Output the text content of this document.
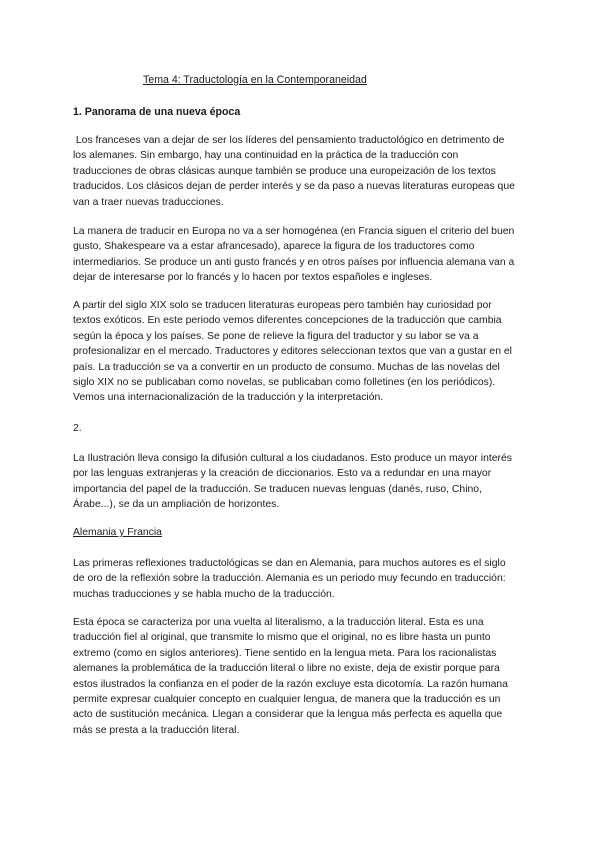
Tema 4: Traductología en la Contemporaneidad
1. Panorama de una nueva época

Los franceses van a dejar de ser los líderes del pensamiento traductológico en detrimento de
los alemanes. Sin embargo, hay una continuidad en la práctica de la traducción con
traducciones de obras clásicas aunque también se produce una europeización de los textos
traducidos. Los clásicos dejan de perder interés y se da paso a nuevas literaturas europeas que
van a traer nuevas traducciones.

La manera de traducir en Europa no va a ser homogénea (en Francia siguen el criterio del buen
gusto, Shakespeare va a estar afrancesado), aparece la figura de los traductores como
intermediarios. Se produce un anti gusto francés y en otros países por influencia alemana van a
dejar de interesarse por lo francés y lo hacen por textos españoles e ingleses.

A partir del siglo XIX solo se traducen literaturas europeas pero también hay curiosidad por
textos exóticos. En este periodo vemos diferentes concepciones de la traducción que cambia
según la época y los países. Se pone de relieve la figura del traductor y su labor se va a
profesionalizar en el mercado. Traductores y editores seleccionan textos que van a gustar en el
país. La traducción se va a convertir en un producto de consumo. Muchas de las novelas del
siglo XIX no se publicaban como novelas, se publicaban como folletines (en los periódicos).
Vemos una internacionalización de la traducción y la interpretación.

2.

La Ilustración lleva consigo la difusión cultural a los ciudadanos. Esto produce un mayor interés
por las lenguas extranjeras y la creación de diccionarios. Esto va a redundar en una mayor
importancia del papel de la traducción. Se traducen nuevas lenguas (danés, ruso, Chino,
Árabe...), se da un ampliación de horizontes.

Alemania y Francia

Las primeras reflexiones traductológicas se dan en Alemania, para muchos autores es el siglo
de oro de la reflexión sobre la traducción. Alemania es un periodo muy fecundo en traducción:
muchas traducciones y se habla mucho de la traducción.

Esta época se caracteriza por una vuelta al literalismo, a la traducción literal. Esta es una
traducción fiel al original, que transmite lo mismo que el original, no es libre hasta un punto
extremo (como en siglos anteriores). Tiene sentido en la lengua meta. Para los racionalistas
alemanes la problemática de la traducción literal o libre no existe, deja de existir porque para
estos ilustrados la confianza en el poder de la razón excluye esta dicotomía. La razón humana
permite expresar cualquier concepto en cualquier lengua, de manera que la traducción es un
acto de sustitución mecánica. Llegan a considerar que la lengua más perfecta es aquella que
más se presta a la traducción literal.
